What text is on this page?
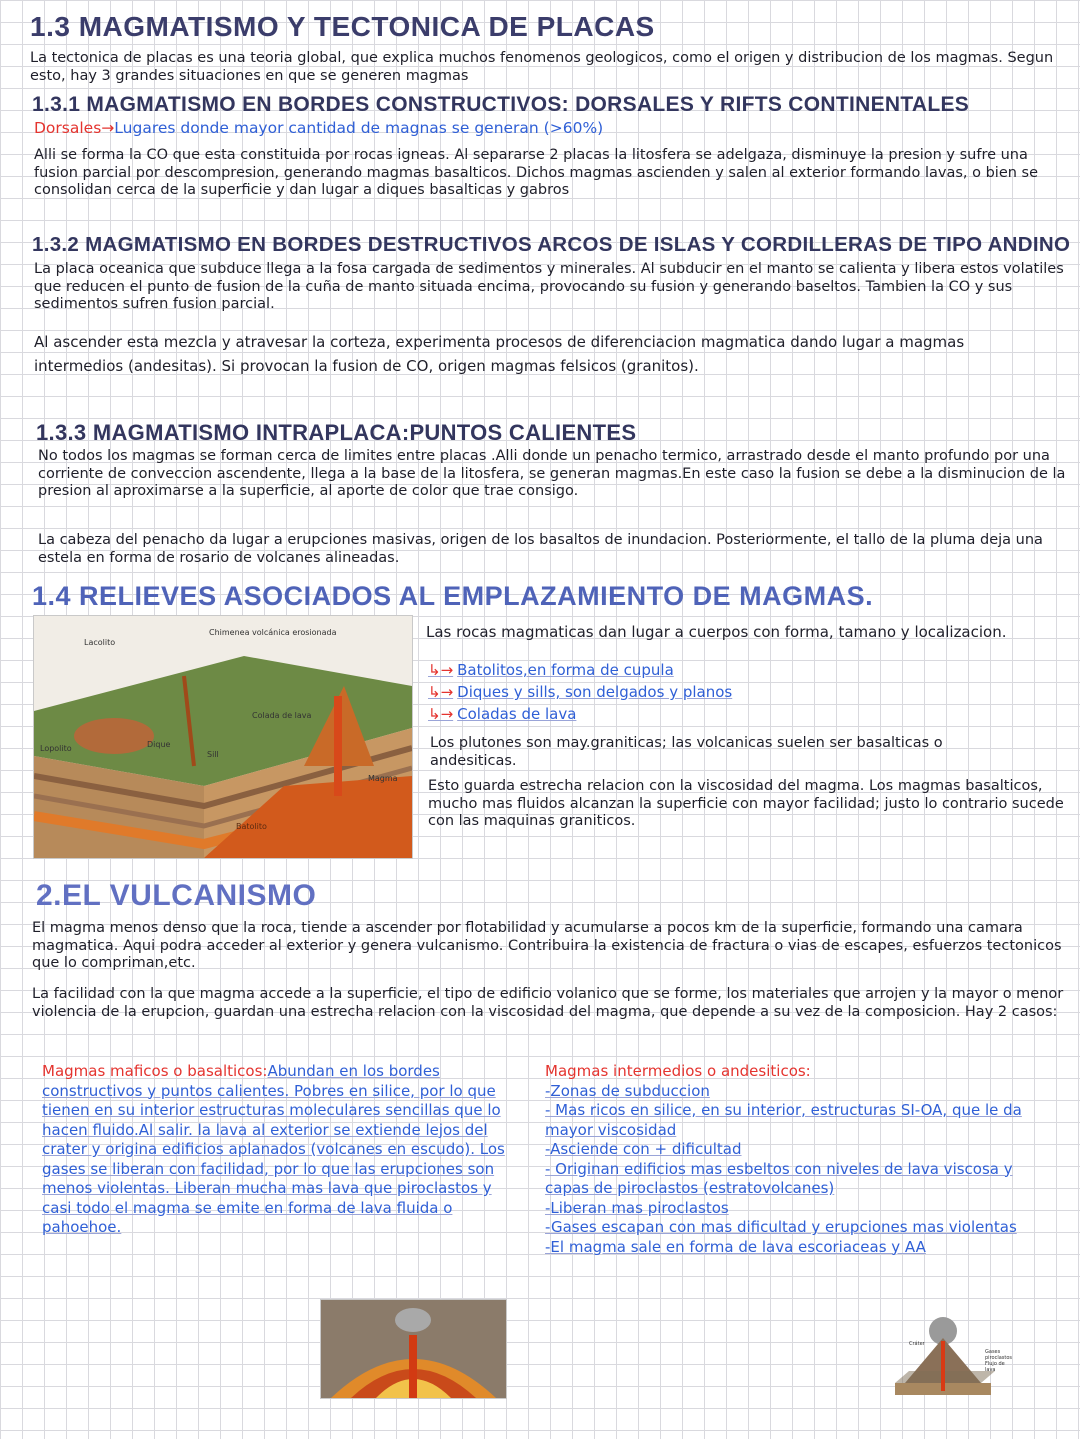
1.3 MAGMATISMO Y TECTONICA DE PLACAS

La tectonica de placas es una teoria global, que explica muchos fenomenos geologicos, como el origen y distribucion de los magmas. Segun esto, hay 3 grandes situaciones en que se generen magmas

1.3.1 MAGMATISMO EN BORDES CONSTRUCTIVOS: DORSALES Y RIFTS CONTINENTALES
Dorsales→Lugares donde mayor cantidad de magnas se generan (>60%)

Alli se forma la CO que esta constituida por rocas igneas. Al separarse 2 placas la litosfera se adelgaza, disminuye la presion y sufre una fusion parcial por descompresion, generando magmas basalticos. Dichos magmas ascienden y salen al exterior formando lavas, o bien se consolidan cerca de la superficie y dan lugar a diques basalticas y gabros

1.3.2 MAGMATISMO EN BORDES DESTRUCTIVOS ARCOS DE ISLAS Y CORDILLERAS DE TIPO ANDINO

La placa oceanica que subduce llega a la fosa cargada de sedimentos y minerales. Al subducir en el manto se calienta y libera estos volatiles que reducen el punto de fusion de la cuña de manto situada encima, provocando su fusion y generando baseltos. Tambien la CO y sus sedimentos sufren fusion parcial.

Al ascender esta mezcla y atravesar la corteza, experimenta procesos de diferenciacion magmatica dando lugar a magmas intermedios (andesitas). Si provocan la fusion de CO, origen magmas felsicos (granitos).

1.3.3 MAGMATISMO INTRAPLACA:PUNTOS CALIENTES

No todos los magmas se forman cerca de limites entre placas .Alli donde un penacho termico, arrastrado desde el manto profundo por una corriente de conveccion ascendente, llega a la base de la litosfera, se generan magmas.En este caso la fusion se debe a la disminucion de la presion al aproximarse a la superficie, al aporte de color que trae consigo.

La cabeza del penacho da lugar a erupciones masivas, origen de los basaltos de inundacion. Posteriormente, el tallo de la pluma deja una estela en forma de rosario de volcanes alineadas.

1.4 RELIEVES ASOCIADOS AL EMPLAZAMIENTO DE MAGMAS.
Chimenea volcánica erosionada
Lacolito
Colada de lava
Lopolito	Dique
Sill
Magma
Batolito

Las rocas magmaticas dan lugar a cuerpos con forma, tamano y localizacion.

↳→ Batolitos,en forma de cupula
↳→ Diques y sills, son delgados y planos
↳→ Coladas de lava

Los plutones son may.graniticas; las volcanicas suelen ser basalticas o andesiticas.

Esto guarda estrecha relacion con la viscosidad del magma. Los magmas basalticos, mucho mas fluidos alcanzan la superficie con mayor facilidad; justo lo contrario sucede con las maquinas graniticos.

2.EL VULCANISMO

El magma menos denso que la roca, tiende a ascender por flotabilidad y acumularse a pocos km de la superficie, formando una camara magmatica. Aqui podra acceder al exterior y genera vulcanismo. Contribuira la existencia de fractura o vias de escapes, esfuerzos tectonicos que lo compriman,etc.

La facilidad con la que magma accede a la superficie, el tipo de edificio volanico que se forme, los materiales que arrojen y la mayor o menor violencia de la erupcion, guardan una estrecha relacion con la viscosidad del magma, que depende a su vez de la composicion. Hay 2 casos:

Magmas maficos o basalticos:Abundan en los bordes constructivos y puntos calientes. Pobres en silice, por lo que tienen en su interior estructuras moleculares sencillas que lo hacen fluido.Al salir. la lava al exterior se extiende lejos del crater y origina edificios aplanados (volcanes en escudo). Los gases se liberan con facilidad, por lo que las erupciones son menos violentas. Liberan mucha mas lava que piroclastos y casi todo el magma se emite en forma de lava fluida o pahoehoe.

Magmas intermedios o andesiticos:
-Zonas de subduccion
- Mas ricos en silice, en su interior, estructuras SI-OA, que le da mayor viscosidad
-Asciende con + dificultad
- Originan edificios mas esbeltos con niveles de lava viscosa y capas de piroclastos (estratovolcanes)
-Liberan mas piroclastos
-Gases escapan con mas dificultad y erupciones mas violentas
-El magma sale en forma de lava escoriaceas y AA
Cráter
Gases
piroclastos
Flujo de lava
